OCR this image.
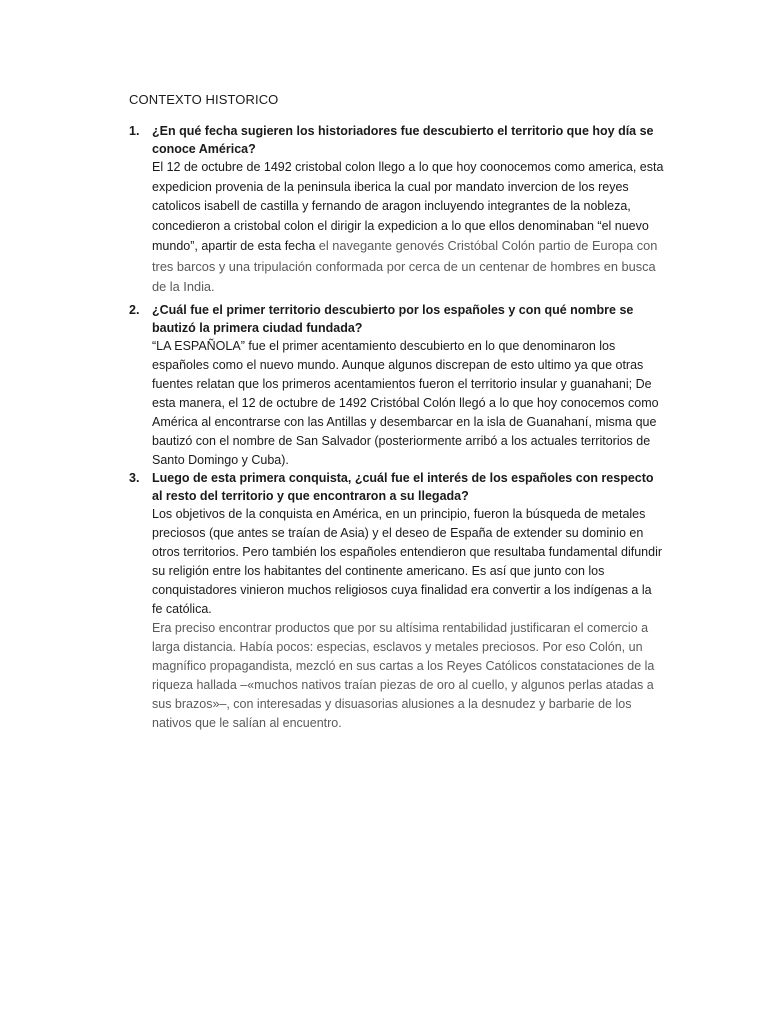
CONTEXTO HISTORICO
1. ¿En qué fecha sugieren los historiadores fue descubierto el territorio que hoy día se conoce América?

El 12 de octubre de 1492 cristobal colon llego a lo que hoy coonocemos como america, esta expedicion provenia de la peninsula iberica la cual por mandato invercion de los reyes catolicos isabell de castilla y fernando de aragon incluyendo integrantes de la nobleza, concedieron a cristobal colon el dirigir la expedicion a lo que ellos denominaban “el nuevo mundo”, apartir de esta fecha el navegante genovés Cristóbal Colón partio de Europa con tres barcos y una tripulación conformada por cerca de un centenar de hombres en busca de la India.

2. ¿Cuál fue el primer territorio descubierto por los españoles y con qué nombre se bautizó la primera ciudad fundada?

“LA ESPAÑOLA” fue el primer acentamiento descubierto en lo que denominaron los españoles como el nuevo mundo. Aunque algunos discrepan de esto ultimo ya que otras fuentes relatan que los primeros acentamientos fueron el territorio insular y guanahani; De esta manera, el 12 de octubre de 1492 Cristóbal Colón llegó a lo que hoy conocemos como América al encontrarse con las Antillas y desembarcar en la isla de Guanahaní, misma que bautizó con el nombre de San Salvador (posteriormente arribó a los actuales territorios de Santo Domingo y Cuba).

3. Luego de esta primera conquista, ¿cuál fue el interés de los españoles con respecto al resto del territorio y que encontraron a su llegada?

Los objetivos de la conquista en América, en un principio, fueron la búsqueda de metales preciosos (que antes se traían de Asia) y el deseo de España de extender su dominio en otros territorios. Pero también los españoles entendieron que resultaba fundamental difundir su religión entre los habitantes del continente americano. Es así que junto con los conquistadores vinieron muchos religiosos cuya finalidad era convertir a los indígenas a la fe católica.

Era preciso encontrar productos que por su altísima rentabilidad justificaran el comercio a larga distancia. Había pocos: especias, esclavos y metales preciosos. Por eso Colón, un magnífico propagandista, mezcló en sus cartas a los Reyes Católicos constataciones de la riqueza hallada –«muchos nativos traían piezas de oro al cuello, y algunos perlas atadas a sus brazos»–, con interesadas y disuasorias alusiones a la desnudez y barbarie de los nativos que le salían al encuentro.
